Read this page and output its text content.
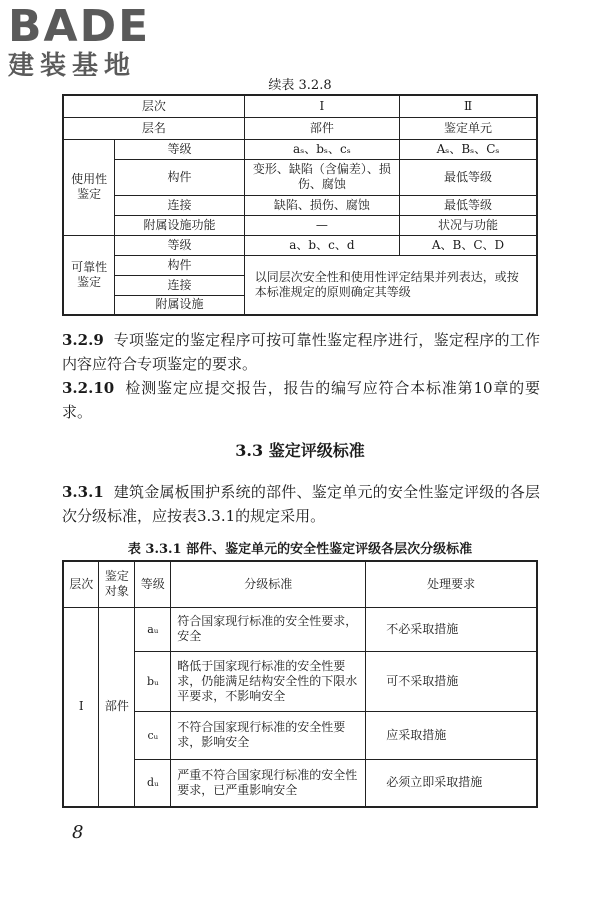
BADE
建装基地
续表 3.2.8
层次		Ⅰ	Ⅱ
层名		部件	鉴定单元
使用性鉴定	等级	aₛ、bₛ、cₛ	Aₛ、Bₛ、Cₛ
	构件	变形、缺陷（含偏差）、损伤、腐蚀	最低等级
	连接	缺陷、损伤、腐蚀	最低等级
	附属设施功能	—	状况与功能
可靠性鉴定	等级	a、b、c、d	A、B、C、D
	构件	以同层次安全性和使用性评定结果并列表达，或按本标准规定的原则确定其等级	
	连接		
	附属设施		
3.2.9 专项鉴定的鉴定程序可按可靠性鉴定程序进行，鉴定程序的工作内容应符合专项鉴定的要求。
3.2.10 检测鉴定应提交报告，报告的编写应符合本标准第10章的要求。
3.3 鉴定评级标准
3.3.1 建筑金属板围护系统的部件、鉴定单元的安全性鉴定评级的各层次分级标准，应按表3.3.1的规定采用。
表 3.3.1 部件、鉴定单元的安全性鉴定评级各层次分级标准
层次	鉴定对象	等级	分级标准	处理要求
Ⅰ	部件	aᵤ	符合国家现行标准的安全性要求，安全	不必采取措施
		bᵤ	略低于国家现行标准的安全性要求，仍能满足结构安全性的下限水平要求，不影响安全	可不采取措施
		cᵤ	不符合国家现行标准的安全性要求，影响安全	应采取措施
		dᵤ	严重不符合国家现行标准的安全性要求，已严重影响安全	必须立即采取措施
8
